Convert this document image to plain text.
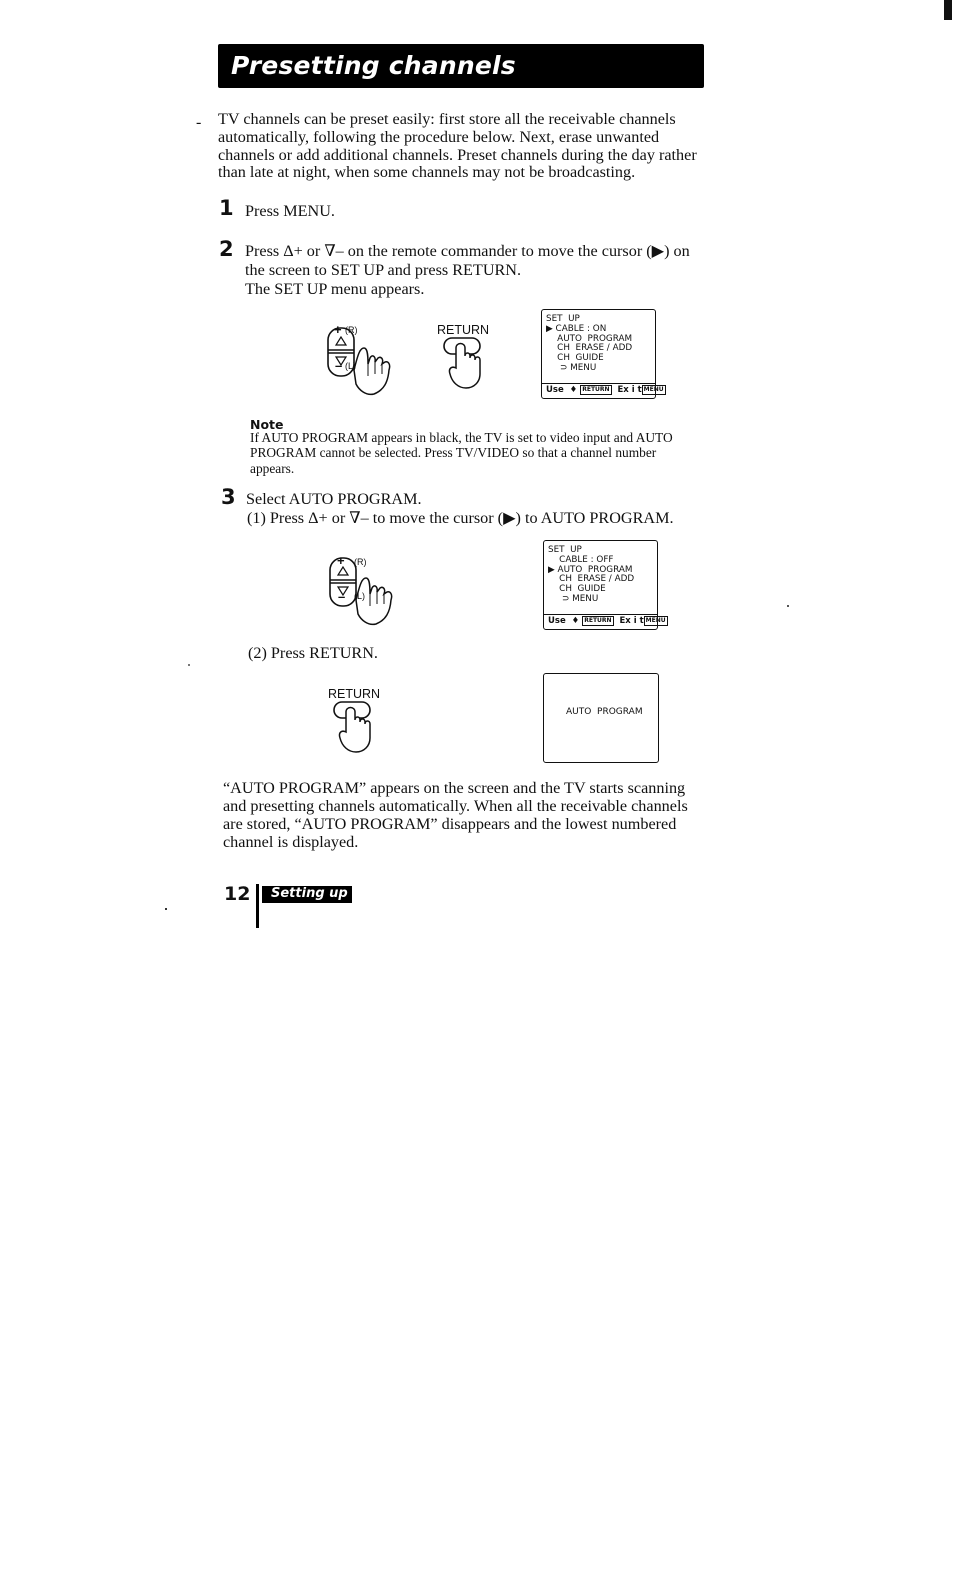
Presetting channels
- TV channels can be preset easily: first store all the receivable channels automatically, following the procedure below. Next, erase unwanted channels or add additional channels. Preset channels during the day rather than late at night, when some channels may not be broadcasting.
1 Press MENU.
2 Press Δ+ or ∇– on the remote commander to move the cursor (▶) on
the screen to SET UP and press RETURN.
The SET UP menu appears.
(R)
(L)
+
–
RETURN
SET  UP
▶ CABLE : ON
AUTO  PROGRAM
CH  ERASE / ADD
CH  GUIDE
⊃ MENU
Use  ♦ RETURN Ex i t MENU
Note
If AUTO PROGRAM appears in black, the TV is set to video input and AUTO
PROGRAM cannot be selected. Press TV/VIDEO so that a channel number
appears.
3 Select AUTO PROGRAM.
(1) Press Δ+ or ∇– to move the cursor (▶) to AUTO PROGRAM.
(R)
(L)
+
–
SET  UP
CABLE : OFF
▶ AUTO  PROGRAM
CH  ERASE / ADD
CH  GUIDE
⊃ MENU
Use  ♦ RETURN Ex i t MENU
(2) Press RETURN.
RETURN
AUTO  PROGRAM
“AUTO PROGRAM” appears on the screen and the TV starts scanning
and presetting channels automatically. When all the receivable channels
are stored, “AUTO PROGRAM” disappears and the lowest numbered
channel is displayed.
12	Setting up
